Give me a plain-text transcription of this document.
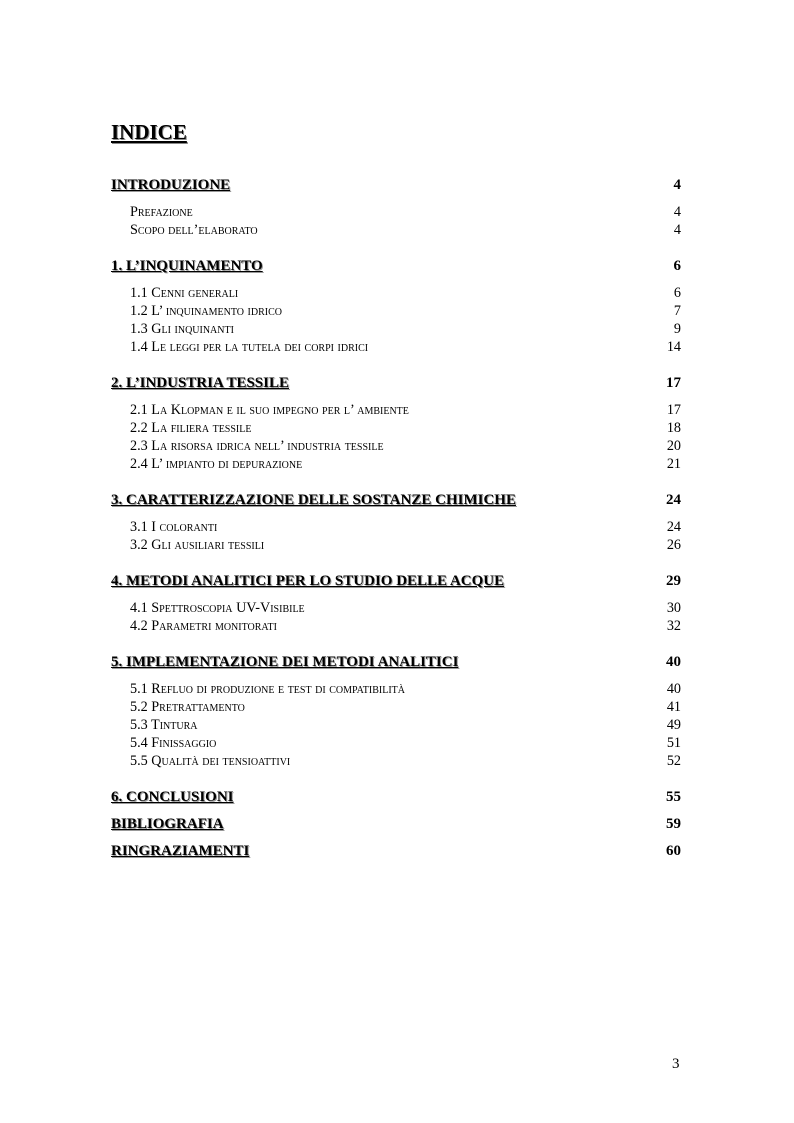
INDICE
INTRODUZIONE	4
Prefazione	4
Scopo dell’elaborato	4
1. L’INQUINAMENTO	6
1.1 Cenni generali	6
1.2 L’ inquinamento idrico	7
1.3 Gli inquinanti	9
1.4 Le leggi per la tutela dei corpi idrici	14
2. L’INDUSTRIA TESSILE	17
2.1 La Klopman e il suo impegno per l’ ambiente	17
2.2 La filiera tessile	18
2.3 La risorsa idrica nell’ industria tessile	20
2.4 L’ impianto di depurazione	21
3. CARATTERIZZAZIONE DELLE SOSTANZE CHIMICHE	24
3.1 I coloranti	24
3.2 Gli ausiliari tessili	26
4. METODI ANALITICI PER LO STUDIO DELLE ACQUE	29
4.1 Spettroscopia UV-Visibile	30
4.2 Parametri monitorati	32
5. IMPLEMENTAZIONE DEI METODI ANALITICI	40
5.1 Refluo di produzione e test di compatibilità	40
5.2 Pretrattamento	41
5.3 Tintura	49
5.4 Finissaggio	51
5.5 Qualità dei tensioattivi	52
6. CONCLUSIONI	55
BIBLIOGRAFIA	59
RINGRAZIAMENTI	60
3
